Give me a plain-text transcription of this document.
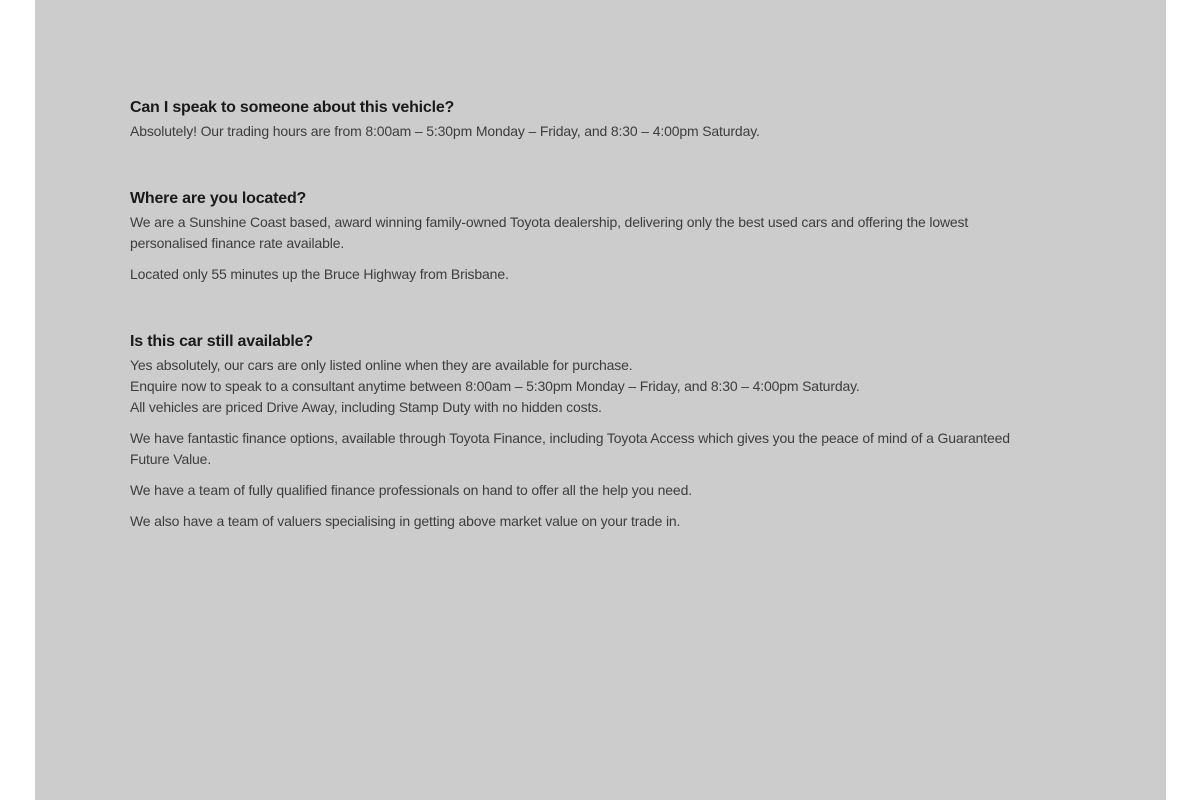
Can I speak to someone about this vehicle?

Absolutely! Our trading hours are from 8:00am – 5:30pm Monday – Friday, and 8:30 – 4:00pm Saturday.

Where are you located?

We are a Sunshine Coast based, award winning family-owned Toyota dealership, delivering only the best used cars and offering the lowest
personalised finance rate available.

Located only 55 minutes up the Bruce Highway from Brisbane.

Is this car still available?

Yes absolutely, our cars are only listed online when they are available for purchase.
Enquire now to speak to a consultant anytime between 8:00am – 5:30pm Monday – Friday, and 8:30 – 4:00pm Saturday.
All vehicles are priced Drive Away, including Stamp Duty with no hidden costs.

We have fantastic finance options, available through Toyota Finance, including Toyota Access which gives you the peace of mind of a Guaranteed
Future Value.

We have a team of fully qualified finance professionals on hand to offer all the help you need.

We also have a team of valuers specialising in getting above market value on your trade in.
